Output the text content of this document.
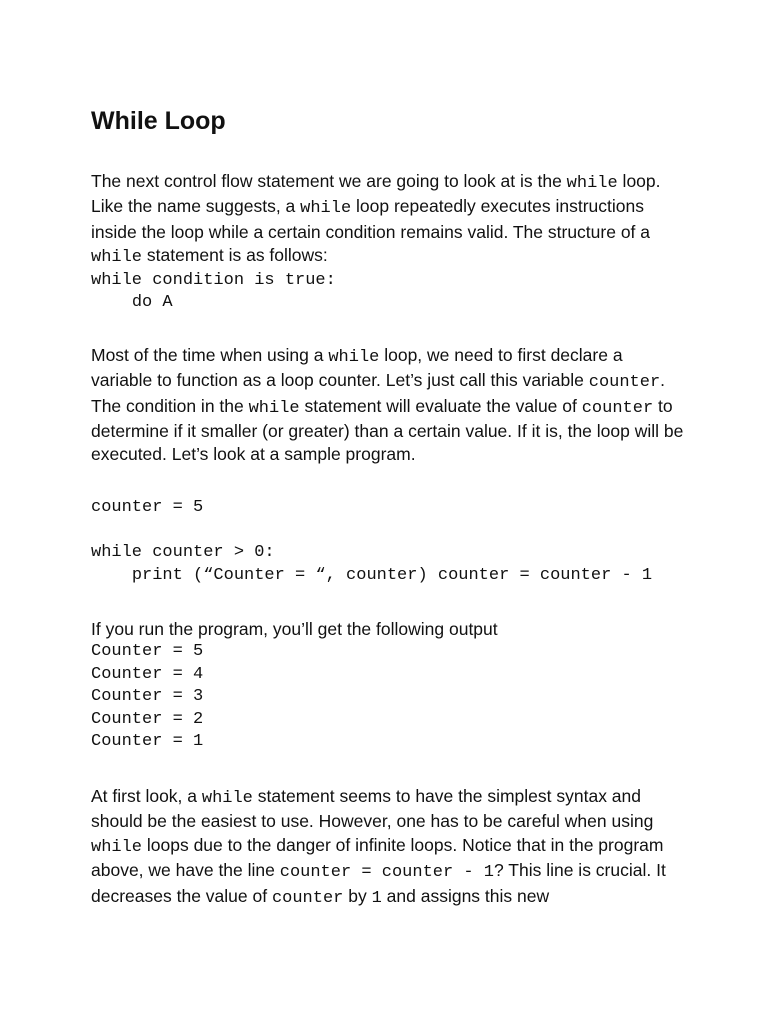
While Loop

The next control flow statement we are going to look at is the while loop. Like the name suggests, a while loop repeatedly executes instructions inside the loop while a certain condition remains valid. The structure of a while statement is as follows:

while condition is true:
do A

Most of the time when using a while loop, we need to first declare a variable to function as a loop counter. Let’s just call this variable counter. The condition in the while statement will evaluate the value of counter to determine if it smaller (or greater) than a certain value. If it is, the loop will be executed. Let’s look at a sample program.

counter = 5
while counter > 0:
print (“Counter = “, counter) counter = counter - 1

If you run the program, you’ll get the following output

Counter = 5
Counter = 4
Counter = 3
Counter = 2
Counter = 1

At first look, a while statement seems to have the simplest syntax and should be the easiest to use. However, one has to be careful when using while loops due to the danger of infinite loops. Notice that in the program above, we have the line counter = counter - 1? This line is crucial. It decreases the value of counter by 1 and assigns this new
